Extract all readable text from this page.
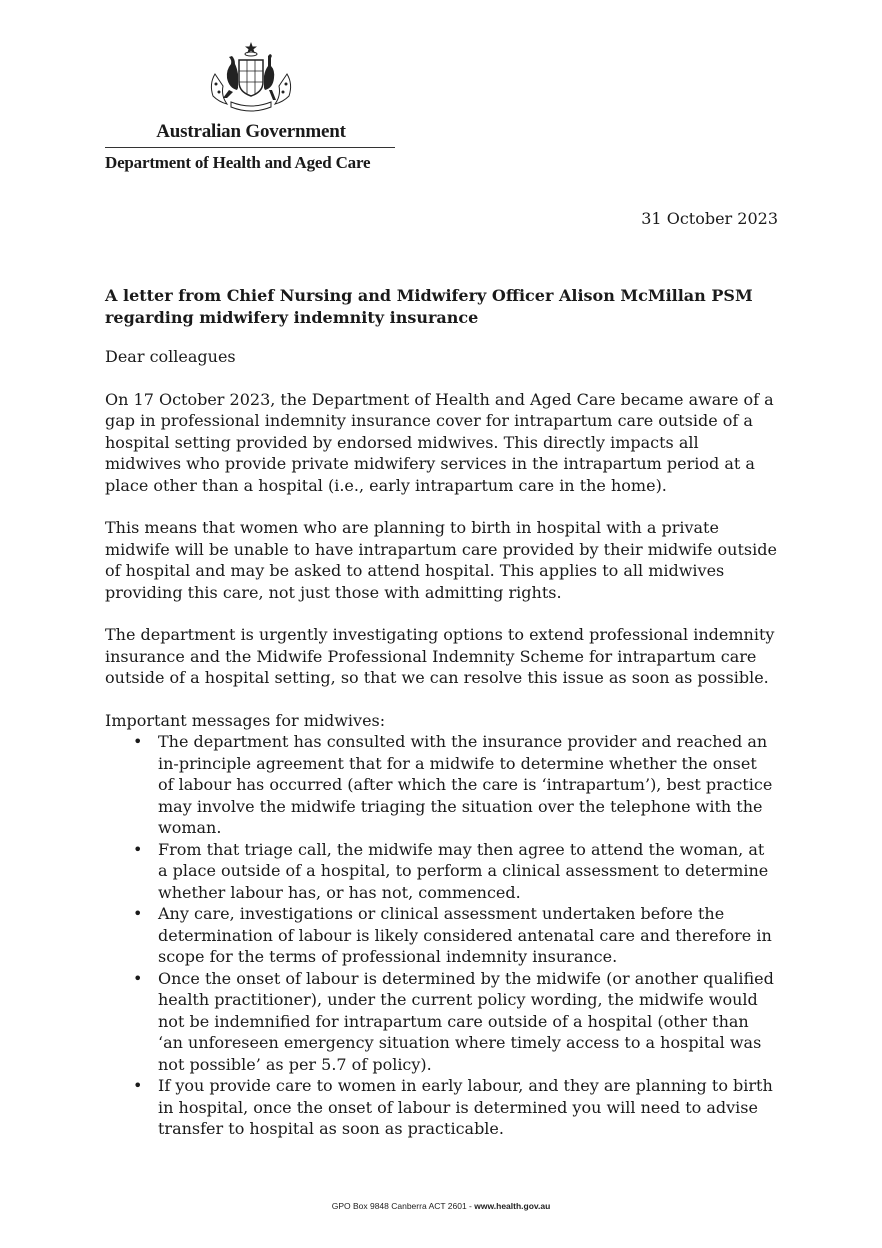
Australian Government
Department of Health and Aged Care
31 October 2023
A letter from Chief Nursing and Midwifery Officer Alison McMillan PSM regarding midwifery indemnity insurance

Dear colleagues

On 17 October 2023, the Department of Health and Aged Care became aware of a gap in professional indemnity insurance cover for intrapartum care outside of a hospital setting provided by endorsed midwives. This directly impacts all midwives who provide private midwifery services in the intrapartum period at a place other than a hospital (i.e., early intrapartum care in the home).

This means that women who are planning to birth in hospital with a private midwife will be unable to have intrapartum care provided by their midwife outside of hospital and may be asked to attend hospital. This applies to all midwives providing this care, not just those with admitting rights.

The department is urgently investigating options to extend professional indemnity insurance and the Midwife Professional Indemnity Scheme for intrapartum care outside of a hospital setting, so that we can resolve this issue as soon as possible.

Important messages for midwives:
• The department has consulted with the insurance provider and reached an in-principle agreement that for a midwife to determine whether the onset of labour has occurred (after which the care is ‘intrapartum’), best practice may involve the midwife triaging the situation over the telephone with the woman.
• From that triage call, the midwife may then agree to attend the woman, at a place outside of a hospital, to perform a clinical assessment to determine whether labour has, or has not, commenced.
• Any care, investigations or clinical assessment undertaken before the determination of labour is likely considered antenatal care and therefore in scope for the terms of professional indemnity insurance.
• Once the onset of labour is determined by the midwife (or another qualified health practitioner), under the current policy wording, the midwife would not be indemnified for intrapartum care outside of a hospital (other than ‘an unforeseen emergency situation where timely access to a hospital was not possible’ as per 5.7 of policy).
• If you provide care to women in early labour, and they are planning to birth in hospital, once the onset of labour is determined you will need to advise transfer to hospital as soon as practicable.
GPO Box 9848 Canberra ACT 2601 - www.health.gov.au
